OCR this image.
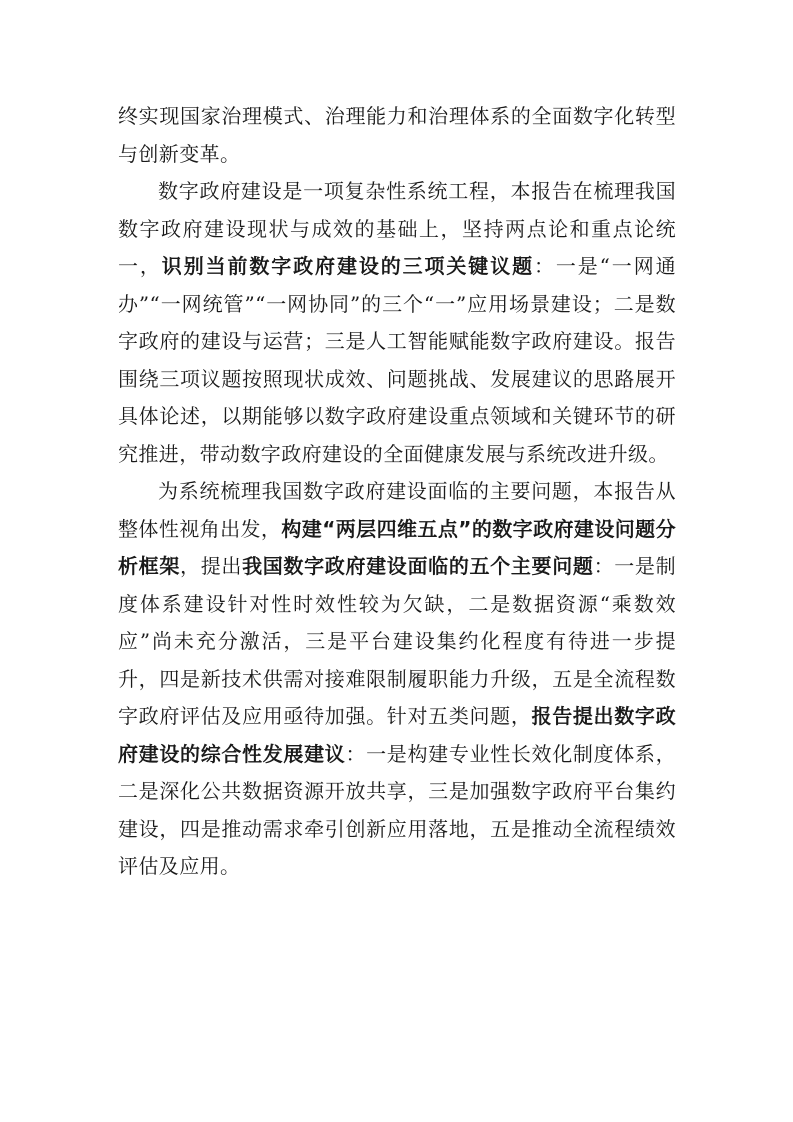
终实现国家治理模式、治理能力和治理体系的全面数字化转型与创新变革。

数字政府建设是一项复杂性系统工程，本报告在梳理我国数字政府建设现状与成效的基础上，坚持两点论和重点论统一，识别当前数字政府建设的三项关键议题：一是“一网通办”“一网统管”“一网协同”的三个“一”应用场景建设；二是数字政府的建设与运营；三是人工智能赋能数字政府建设。报告围绕三项议题按照现状成效、问题挑战、发展建议的思路展开具体论述，以期能够以数字政府建设重点领域和关键环节的研究推进，带动数字政府建设的全面健康发展与系统改进升级。

为系统梳理我国数字政府建设面临的主要问题，本报告从整体性视角出发，构建“两层四维五点”的数字政府建设问题分析框架，提出我国数字政府建设面临的五个主要问题：一是制度体系建设针对性时效性较为欠缺，二是数据资源“乘数效应”尚未充分激活，三是平台建设集约化程度有待进一步提升，四是新技术供需对接难限制履职能力升级，五是全流程数字政府评估及应用亟待加强。针对五类问题，报告提出数字政府建设的综合性发展建议：一是构建专业性长效化制度体系，二是深化公共数据资源开放共享，三是加强数字政府平台集约建设，四是推动需求牵引创新应用落地，五是推动全流程绩效评估及应用。
